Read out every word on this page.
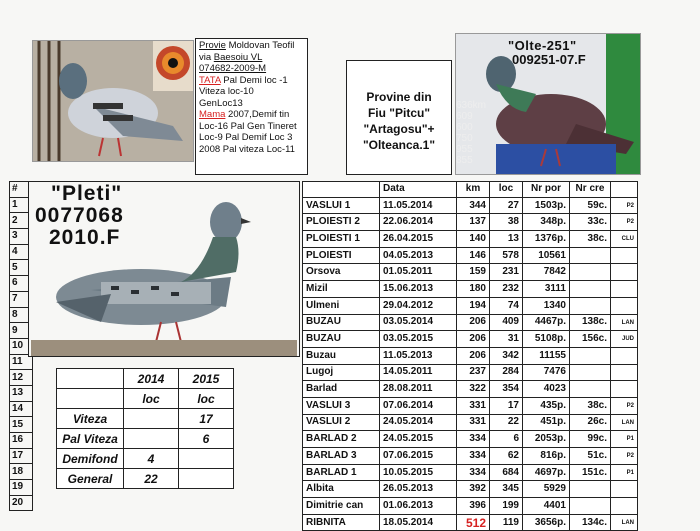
Provie Moldovan Teofil
via Baesoiu VL
074682-2009-M
TATA Pal Demi loc -1
Viteza loc-10
GenLoc13
Mama 2007,Demif tin
Loc-16 Pal Gen Tineret
Loc-9 Pal Demif Loc 3
2008 Pal viteza Loc-11
Provine din
Fiu "Pitcu"
"Artagosu"+
"Olteanca.1"
"Olte-251"
009251-07.F
636km
609
600
750
955
855
#
1
2
3
4
5
6
7
8
9
10
11
12
13
14
15
16
17
18
19
20
"Pleti"
0077068
2010.F
	2014	2015
	loc	loc
Viteza		17
Pal Viteza		6
Demifond	4	
General	22	
	Data	km	loc	Nr por	Nr cre	
VASLUI 1	11.05.2014	344	27	1503p.	59c.	P2
PLOIESTI 2	22.06.2014	137	38	348p.	33c.	P2
PLOIESTI 1	26.04.2015	140	13	1376p.	38c.	CLU
PLOIESTI	04.05.2013	146	578	10561		
Orsova	01.05.2011	159	231	7842		
Mizil	15.06.2013	180	232	3111		
Ulmeni	29.04.2012	194	74	1340		
BUZAU	03.05.2014	206	409	4467p.	138c.	LAN
BUZAU	03.05.2015	206	31	5108p.	156c.	JUD
Buzau	11.05.2013	206	342	11155		
Lugoj	14.05.2011	237	284	7476		
Barlad	28.08.2011	322	354	4023		
VASLUI 3	07.06.2014	331	17	435p.	38c.	P2
VASLUI 2	24.05.2014	331	22	451p.	26c.	LAN
BARLAD 2	24.05.2015	334	6	2053p.	99c.	P1
BARLAD 3	07.06.2015	334	62	816p.	51c.	P2
BARLAD 1	10.05.2015	334	684	4697p.	151c.	P1
Albita	26.05.2013	392	345	5929		
Dimitrie can	01.06.2013	396	199	4401		
RIBNITA	18.05.2014	512	119	3656p.	134c.	LAN
